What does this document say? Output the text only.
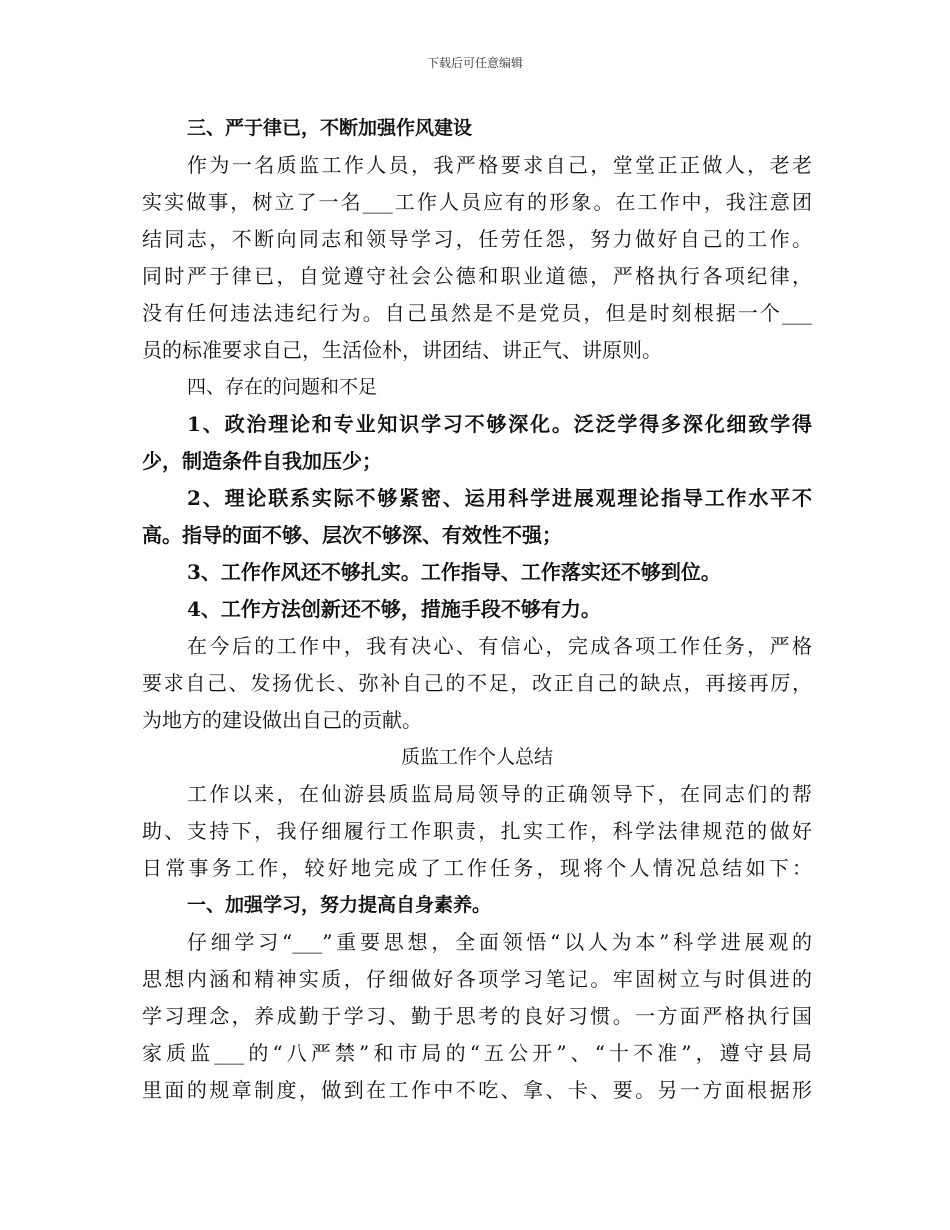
下载后可任意编辑
三、严于律已，不断加强作风建设
作为一名质监工作人员，我严格要求自己，堂堂正正做人，老老
实实做事，树立了一名___工作人员应有的形象。在工作中，我注意团
结同志，不断向同志和领导学习，任劳任怨，努力做好自己的工作。
同时严于律已，自觉遵守社会公德和职业道德，严格执行各项纪律，
没有任何违法违纪行为。自己虽然是不是党员，但是时刻根据一个___
员的标准要求自己，生活俭朴，讲团结、讲正气、讲原则。
四、存在的问题和不足
1、政治理论和专业知识学习不够深化。泛泛学得多深化细致学得
少，制造条件自我加压少；
2、理论联系实际不够紧密、运用科学进展观理论指导工作水平不
高。指导的面不够、层次不够深、有效性不强；
3、工作作风还不够扎实。工作指导、工作落实还不够到位。
4、工作方法创新还不够，措施手段不够有力。
在今后的工作中，我有决心、有信心，完成各项工作任务，严格
要求自己、发扬优长、弥补自己的不足，改正自己的缺点，再接再厉，
为地方的建设做出自己的贡献。
质监工作个人总结
工作以来，在仙游县质监局局领导的正确领导下，在同志们的帮
助、支持下，我仔细履行工作职责，扎实工作，科学法律规范的做好
日常事务工作，较好地完成了工作任务，现将个人情况总结如下：
一、加强学习，努力提高自身素养。
仔细学习“___”重要思想，全面领悟“以人为本”科学进展观的
思想内涵和精神实质，仔细做好各项学习笔记。牢固树立与时俱进的
学习理念，养成勤于学习、勤于思考的良好习惯。一方面严格执行国
家质监___的“八严禁”和市局的“五公开”、“十不准”，遵守县局
里面的规章制度，做到在工作中不吃、拿、卡、要。另一方面根据形
